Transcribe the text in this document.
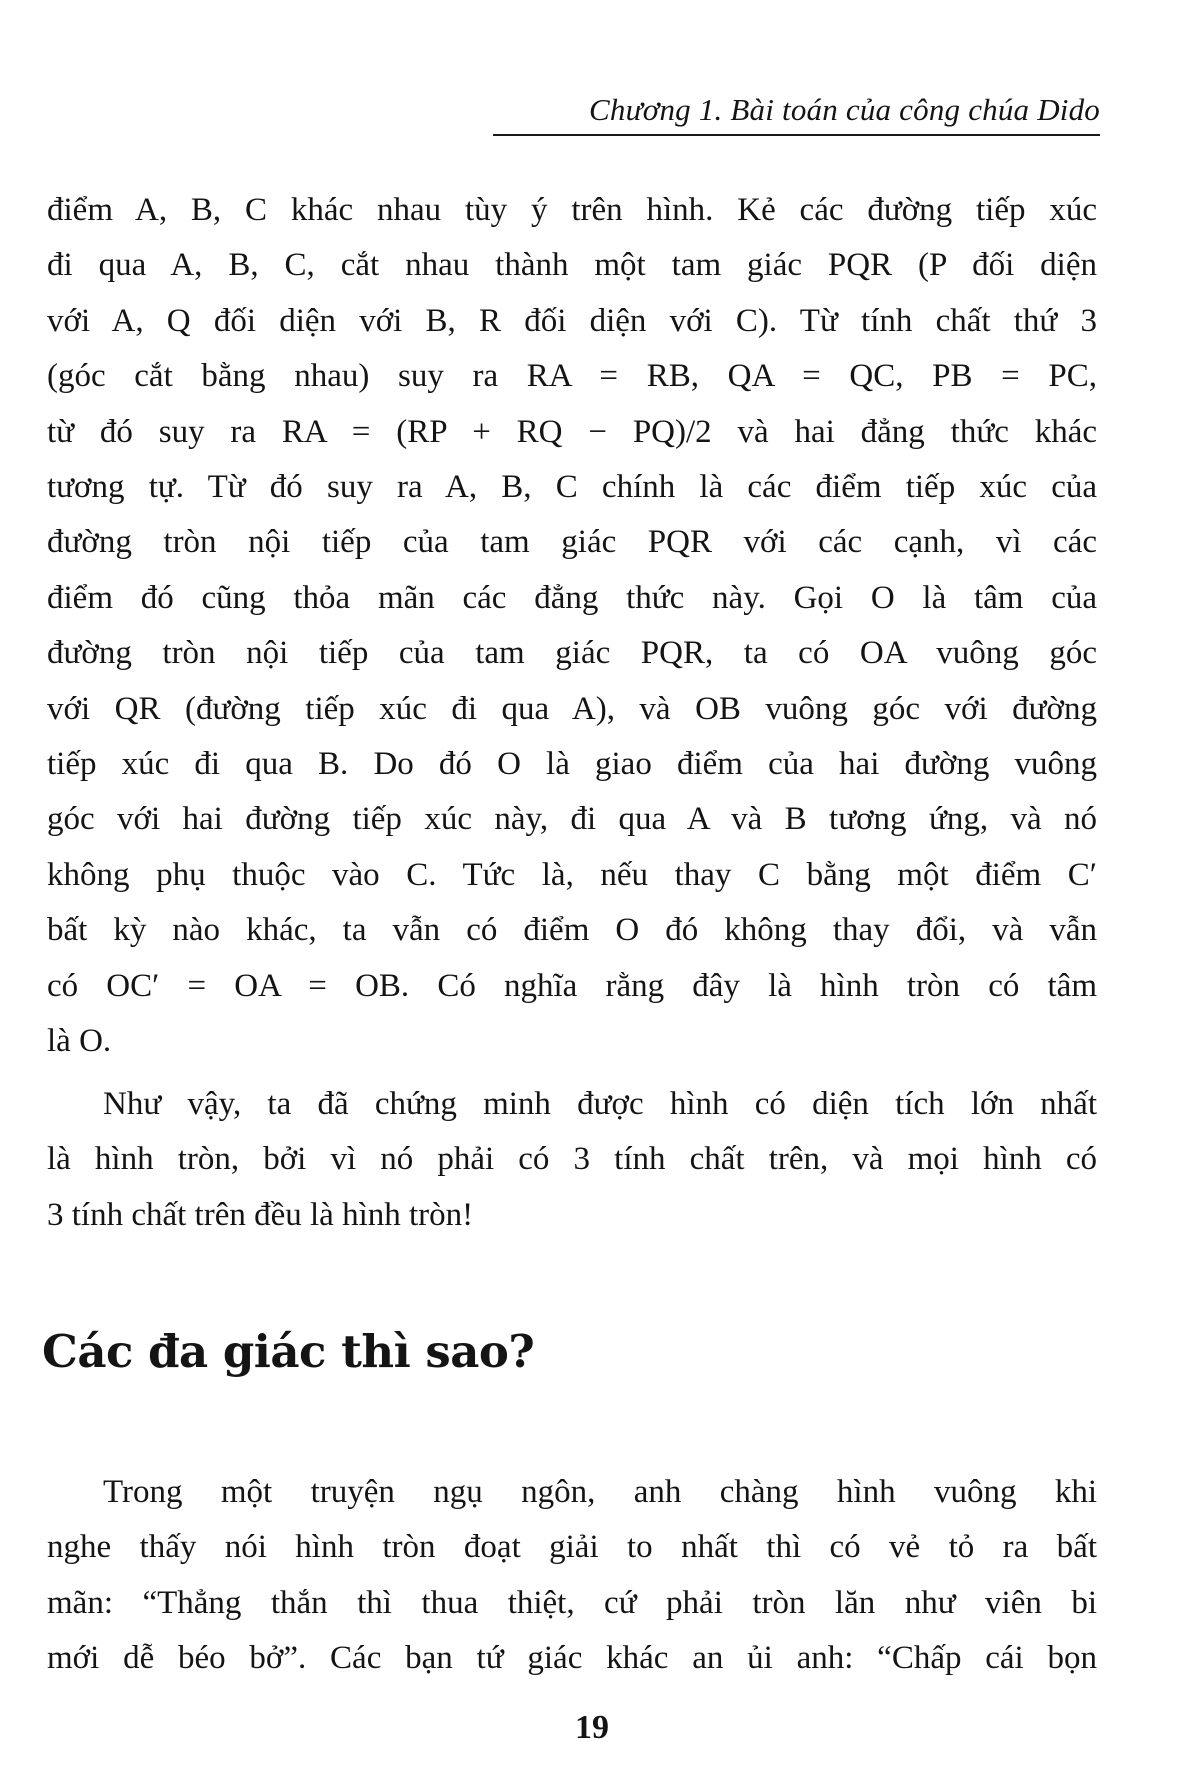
Chương 1. Bài toán của công chúa Dido
điểm A, B, C khác nhau tùy ý trên hình. Kẻ các đường tiếp xúc
đi qua A, B, C, cắt nhau thành một tam giác PQR (P đối diện
với A, Q đối diện với B, R đối diện với C). Từ tính chất thứ 3
(góc cắt bằng nhau) suy ra RA = RB, QA = QC, PB = PC,
từ đó suy ra RA = (RP + RQ − PQ)/2 và hai đẳng thức khác
tương tự. Từ đó suy ra A, B, C chính là các điểm tiếp xúc của
đường tròn nội tiếp của tam giác PQR với các cạnh, vì các
điểm đó cũng thỏa mãn các đẳng thức này. Gọi O là tâm của
đường tròn nội tiếp của tam giác PQR, ta có OA vuông góc
với QR (đường tiếp xúc đi qua A), và OB vuông góc với đường
tiếp xúc đi qua B. Do đó O là giao điểm của hai đường vuông
góc với hai đường tiếp xúc này, đi qua A và B tương ứng, và nó
không phụ thuộc vào C. Tức là, nếu thay C bằng một điểm C′
bất kỳ nào khác, ta vẫn có điểm O đó không thay đổi, và vẫn
có OC′ = OA = OB. Có nghĩa rằng đây là hình tròn có tâm
là O.
Như vậy, ta đã chứng minh được hình có diện tích lớn nhất
là hình tròn, bởi vì nó phải có 3 tính chất trên, và mọi hình có
3 tính chất trên đều là hình tròn!
Các đa giác thì sao?
Trong một truyện ngụ ngôn, anh chàng hình vuông khi
nghe thấy nói hình tròn đoạt giải to nhất thì có vẻ tỏ ra bất
mãn: “Thẳng thắn thì thua thiệt, cứ phải tròn lăn như viên bi
mới dễ béo bở”. Các bạn tứ giác khác an ủi anh: “Chấp cái bọn
19
